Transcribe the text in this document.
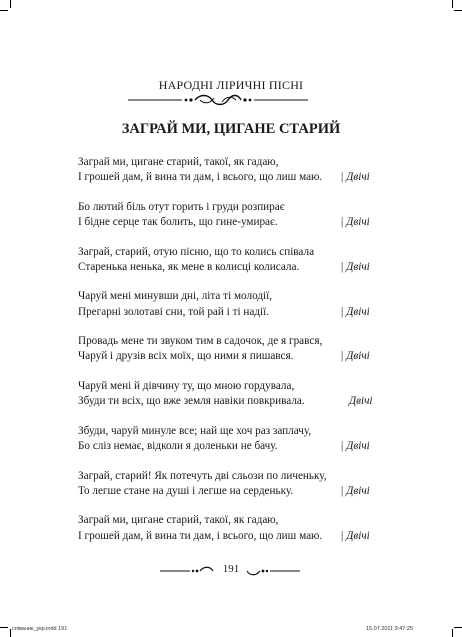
НАРОДНІ ЛІРИЧНІ ПІСНІ
ЗАГРАЙ МИ, ЦИГАНЕ СТАРИЙ
Заграй ми, цигане старий, такої, як гадаю,
І грошей дам, й вина ти дам, і всього, що лиш маю.	| Двічі
Бо лютий біль отут горить і груди розпирає
І бідне серце так болить, що гине-умирає.	| Двічі
Заграй, старий, отую пісню, що то колись співала
Старенька ненька, як мене в колисці колисала.	| Двічі
Чаруй мені минувши дні, літа ті молодії,
Прегарні золотаві сни, той рай і ті надії.	| Двічі
Провадь мене ти звуком тим в садочок, де я грався,
Чаруй і друзів всіх моїх, що ними я пишався.	| Двічі
Чаруй мені й дівчину ту, що мною гордувала,
Збуди ти всіх, що вже земля навіки повкривала.	Двічі
Збуди, чаруй минуле все; най ще хоч раз заплачу,
Бо сліз немає, відколи я доленьки не бачу.	| Двічі
Заграй, старий! Як потечуть дві сльози по личеньку,
То легше стане на душі і легше на серденьку.	| Двічі
Заграй ми, цигане старий, такої, як гадаю,
І грошей дам, й вина ти дам, і всього, що лиш маю.	| Двічі
191
співаник_укр.indd 191	15.07.2011 9:47:25
